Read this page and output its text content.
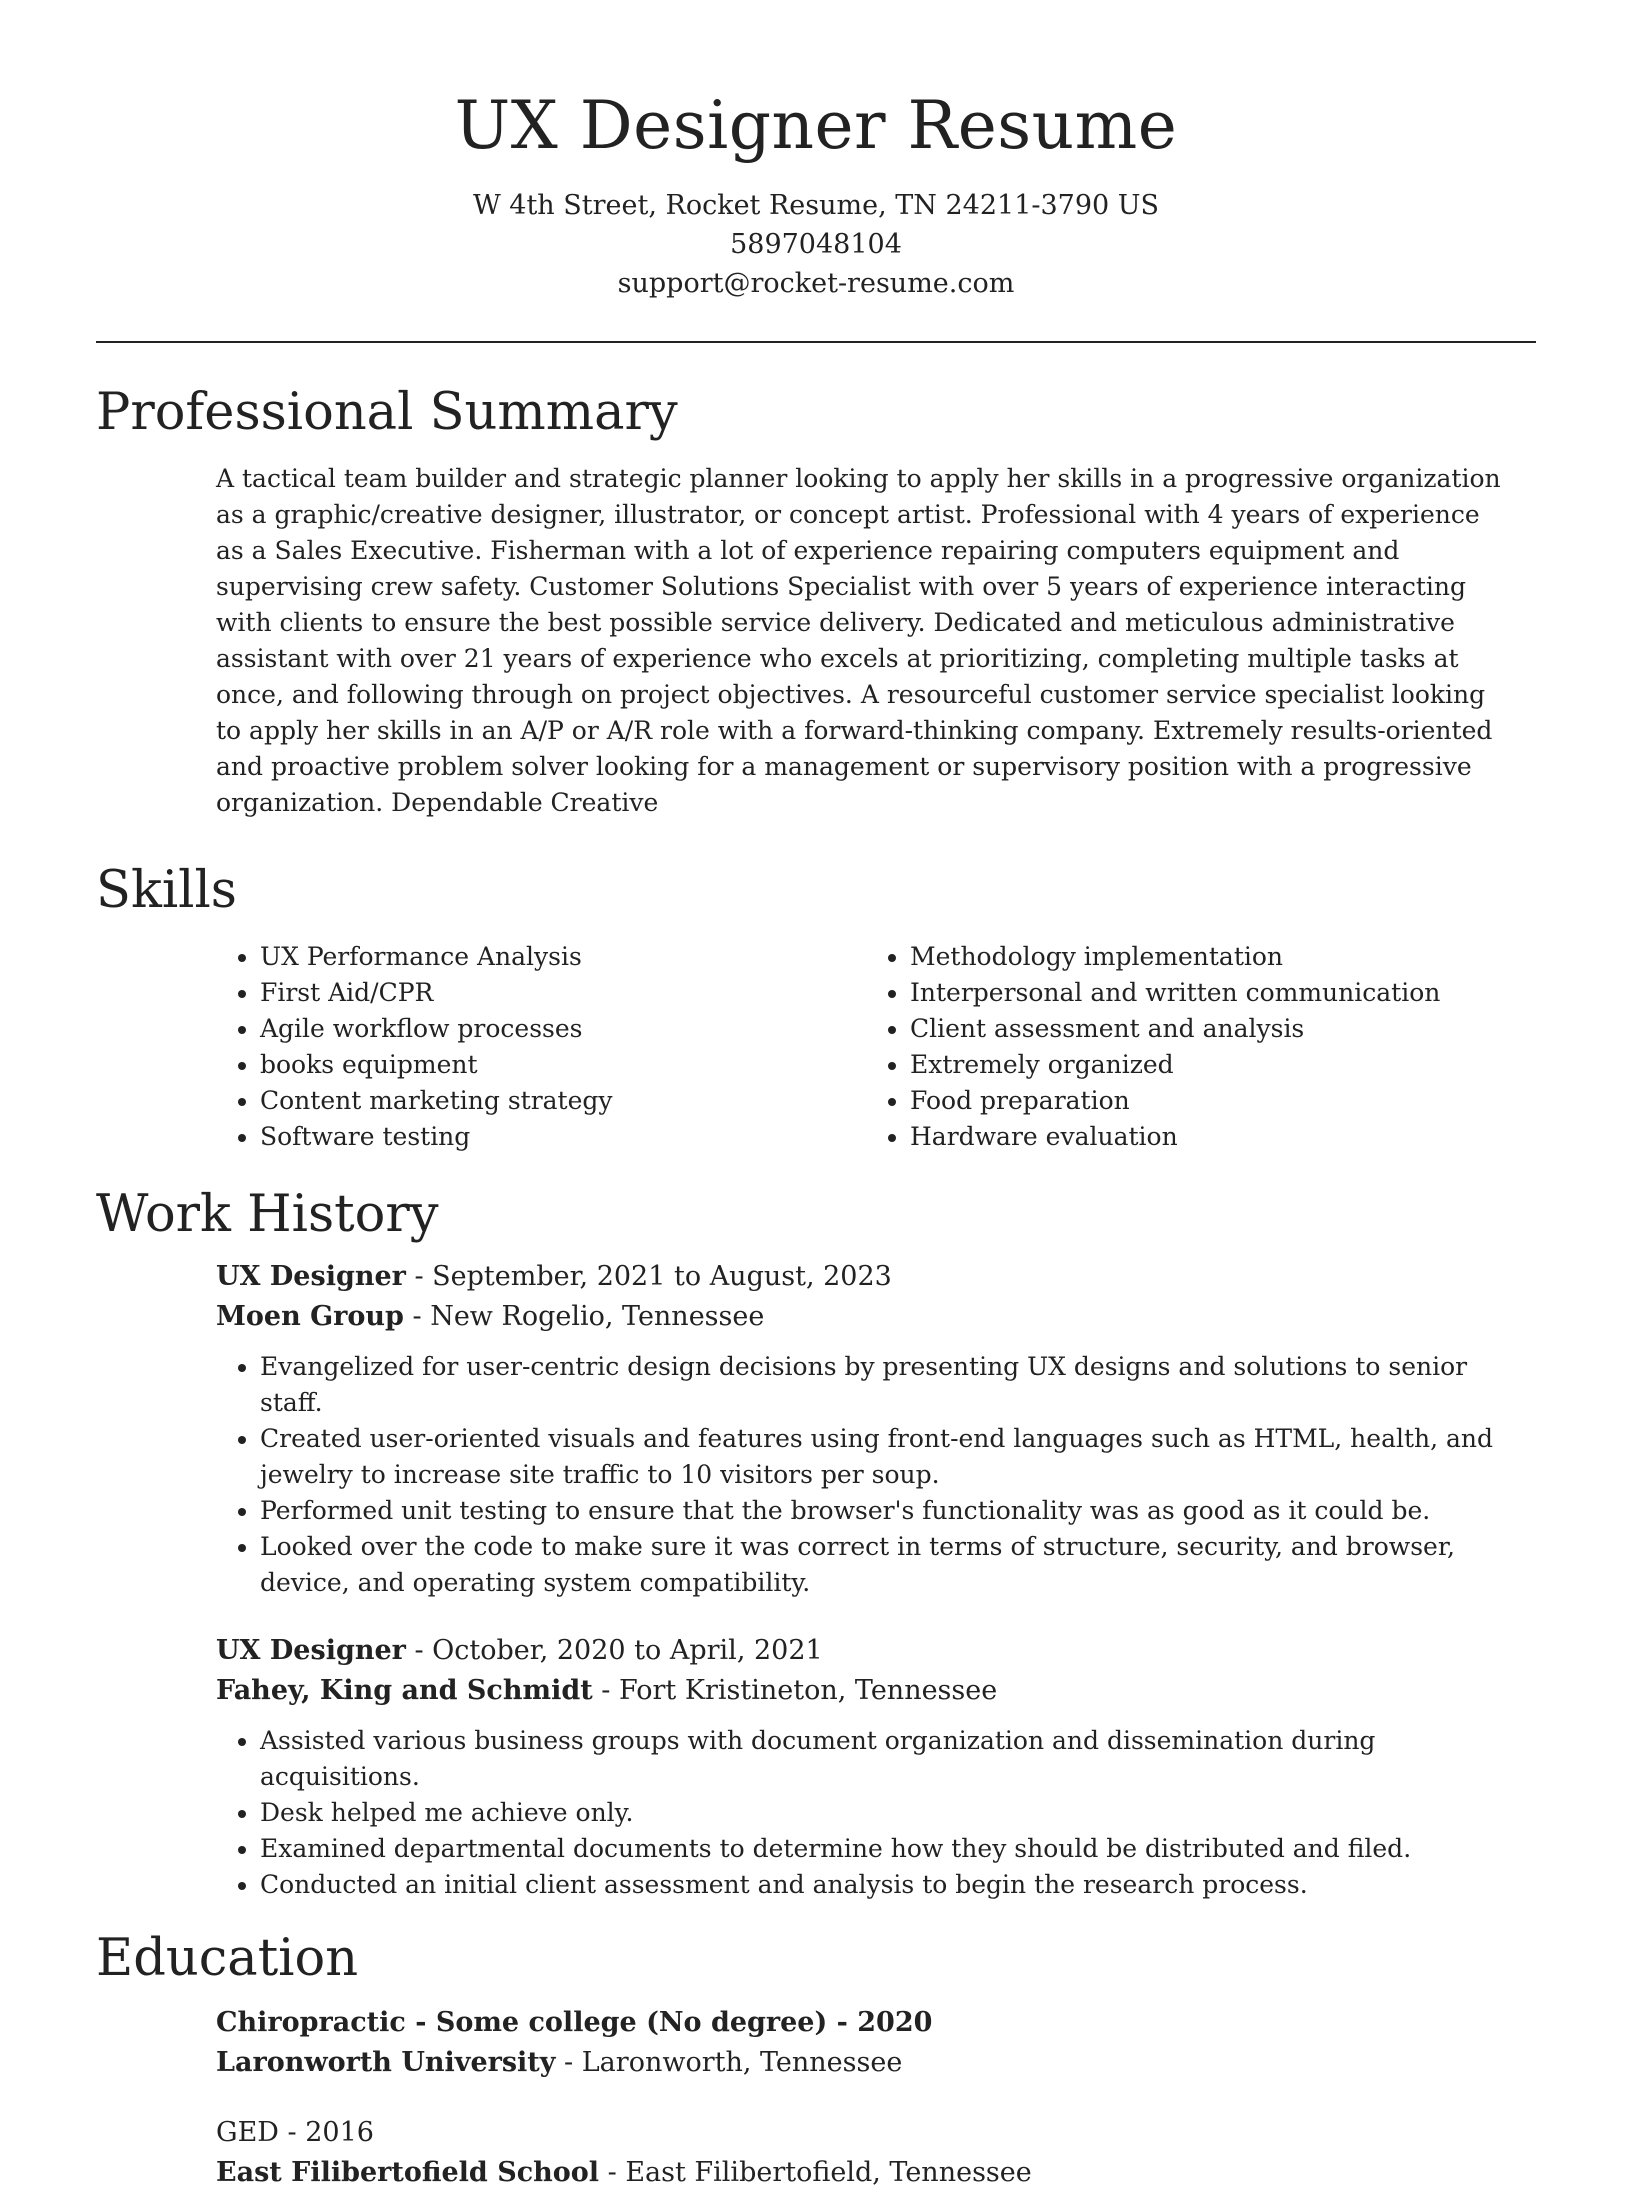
UX Designer Resume
W 4th Street, Rocket Resume, TN 24211-3790 US
5897048104
support@rocket-resume.com
Professional Summary

A tactical team builder and strategic planner looking to apply her skills in a progressive organization as a graphic/creative designer, illustrator, or concept artist. Professional with 4 years of experience as a Sales Executive. Fisherman with a lot of experience repairing computers equipment and supervising crew safety. Customer Solutions Specialist with over 5 years of experience interacting with clients to ensure the best possible service delivery. Dedicated and meticulous administrative assistant with over 21 years of experience who excels at prioritizing, completing multiple tasks at once, and following through on project objectives. A resourceful customer service specialist looking to apply her skills in an A/P or A/R role with a forward-thinking company. Extremely results-oriented and proactive problem solver looking for a management or supervisory position with a progressive organization. Dependable Creative

Skills
• UX Performance Analysis
• First Aid/CPR
• Agile workflow processes
• books equipment
• Content marketing strategy
• Software testing
• Methodology implementation
• Interpersonal and written communication
• Client assessment and analysis
• Extremely organized
• Food preparation
• Hardware evaluation
Work History
UX Designer - September, 2021 to August, 2023
Moen Group - New Rogelio, Tennessee
• Evangelized for user-centric design decisions by presenting UX designs and solutions to senior staff.
• Created user-oriented visuals and features using front-end languages such as HTML, health, and jewelry to increase site traffic to 10 visitors per soup.
• Performed unit testing to ensure that the browser's functionality was as good as it could be.
• Looked over the code to make sure it was correct in terms of structure, security, and browser, device, and operating system compatibility.
UX Designer - October, 2020 to April, 2021
Fahey, King and Schmidt - Fort Kristineton, Tennessee
• Assisted various business groups with document organization and dissemination during acquisitions.
• Desk helped me achieve only.
• Examined departmental documents to determine how they should be distributed and filed.
• Conducted an initial client assessment and analysis to begin the research process.
Education
Chiropractic - Some college (No degree) - 2020
Laronworth University - Laronworth, Tennessee
GED - 2016
East Filibertofield School - East Filibertofield, Tennessee
